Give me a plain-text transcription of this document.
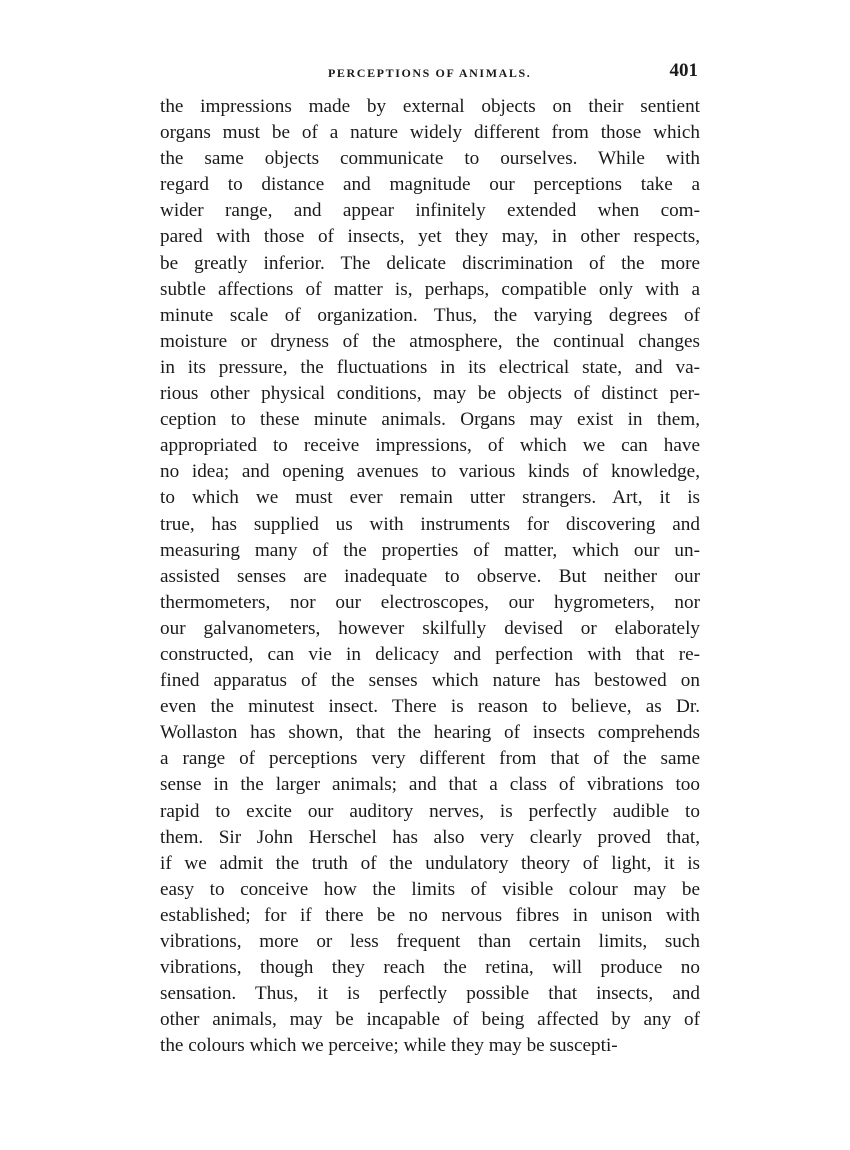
PERCEPTIONS OF ANIMALS.	401
the impressions made by external objects on their sentient
organs must be of a nature widely different from those which
the same objects communicate to ourselves. While with
regard to distance and magnitude our perceptions take a
wider range, and appear infinitely extended when com-
pared with those of insects, yet they may, in other respects,
be greatly inferior. The delicate discrimination of the more
subtle affections of matter is, perhaps, compatible only with a
minute scale of organization. Thus, the varying degrees of
moisture or dryness of the atmosphere, the continual changes
in its pressure, the fluctuations in its electrical state, and va-
rious other physical conditions, may be objects of distinct per-
ception to these minute animals. Organs may exist in them,
appropriated to receive impressions, of which we can have
no idea; and opening avenues to various kinds of knowledge,
to which we must ever remain utter strangers. Art, it is
true, has supplied us with instruments for discovering and
measuring many of the properties of matter, which our un-
assisted senses are inadequate to observe. But neither our
thermometers, nor our electroscopes, our hygrometers, nor
our galvanometers, however skilfully devised or elaborately
constructed, can vie in delicacy and perfection with that re-
fined apparatus of the senses which nature has bestowed on
even the minutest insect. There is reason to believe, as Dr.
Wollaston has shown, that the hearing of insects comprehends
a range of perceptions very different from that of the same
sense in the larger animals; and that a class of vibrations too
rapid to excite our auditory nerves, is perfectly audible to
them. Sir John Herschel has also very clearly proved that,
if we admit the truth of the undulatory theory of light, it is
easy to conceive how the limits of visible colour may be
established; for if there be no nervous fibres in unison with
vibrations, more or less frequent than certain limits, such
vibrations, though they reach the retina, will produce no
sensation. Thus, it is perfectly possible that insects, and
other animals, may be incapable of being affected by any of
the colours which we perceive; while they may be suscepti-
